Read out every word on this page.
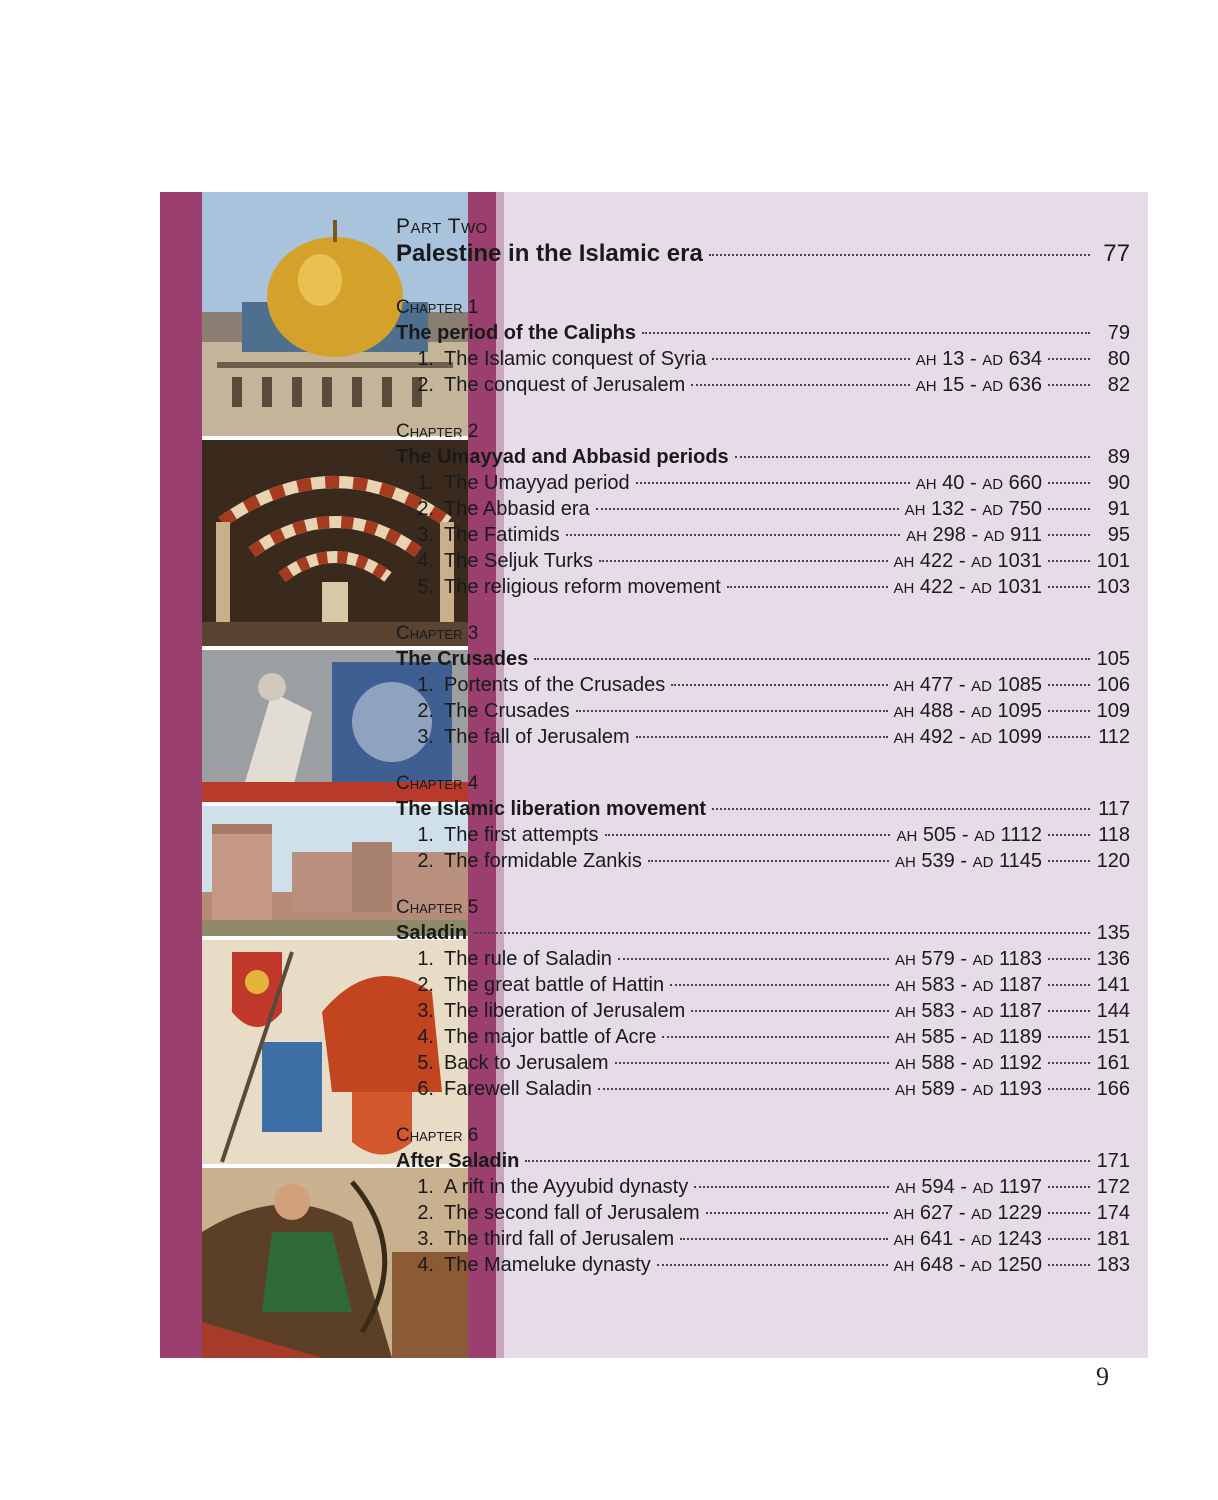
Part Two
Palestine in the Islamic era	77
Chapter 1
The period of the Caliphs	79
1. The Islamic conquest of Syria	AH 13 - AD 634	80
2. The conquest of Jerusalem	AH 15 - AD 636	82
Chapter 2
The Umayyad and Abbasid periods	89
1. The Umayyad period	AH 40 - AD 660	90
2. The Abbasid era	AH 132 - AD 750	91
3. The Fatimids	AH 298 - AD 911	95
4. The Seljuk Turks	AH 422 - AD 1031	101
5. The religious reform movement	AH 422 - AD 1031	103
Chapter 3
The Crusades	105
1. Portents of the Crusades	AH 477 - AD 1085	106
2. The Crusades	AH 488 - AD 1095	109
3. The fall of Jerusalem	AH 492 - AD 1099	112
Chapter 4
The Islamic liberation movement	117
1. The first attempts	AH 505 - AD 1112	118
2. The formidable Zankis	AH 539 - AD 1145	120
Chapter 5
Saladin	135
1. The rule of Saladin	AH 579 - AD 1183	136
2. The great battle of Hattin	AH 583 - AD 1187	141
3. The liberation of Jerusalem	AH 583 - AD 1187	144
4. The major battle of Acre	AH 585 - AD 1189	151
5. Back to Jerusalem	AH 588 - AD 1192	161
6. Farewell Saladin	AH 589 - AD 1193	166
Chapter 6
After Saladin	171
1. A rift in the Ayyubid dynasty	AH 594 - AD 1197	172
2. The second fall of Jerusalem	AH 627 - AD 1229	174
3. The third fall of Jerusalem	AH 641 - AD 1243	181
4. The Mameluke dynasty	AH 648 - AD 1250	183
9
